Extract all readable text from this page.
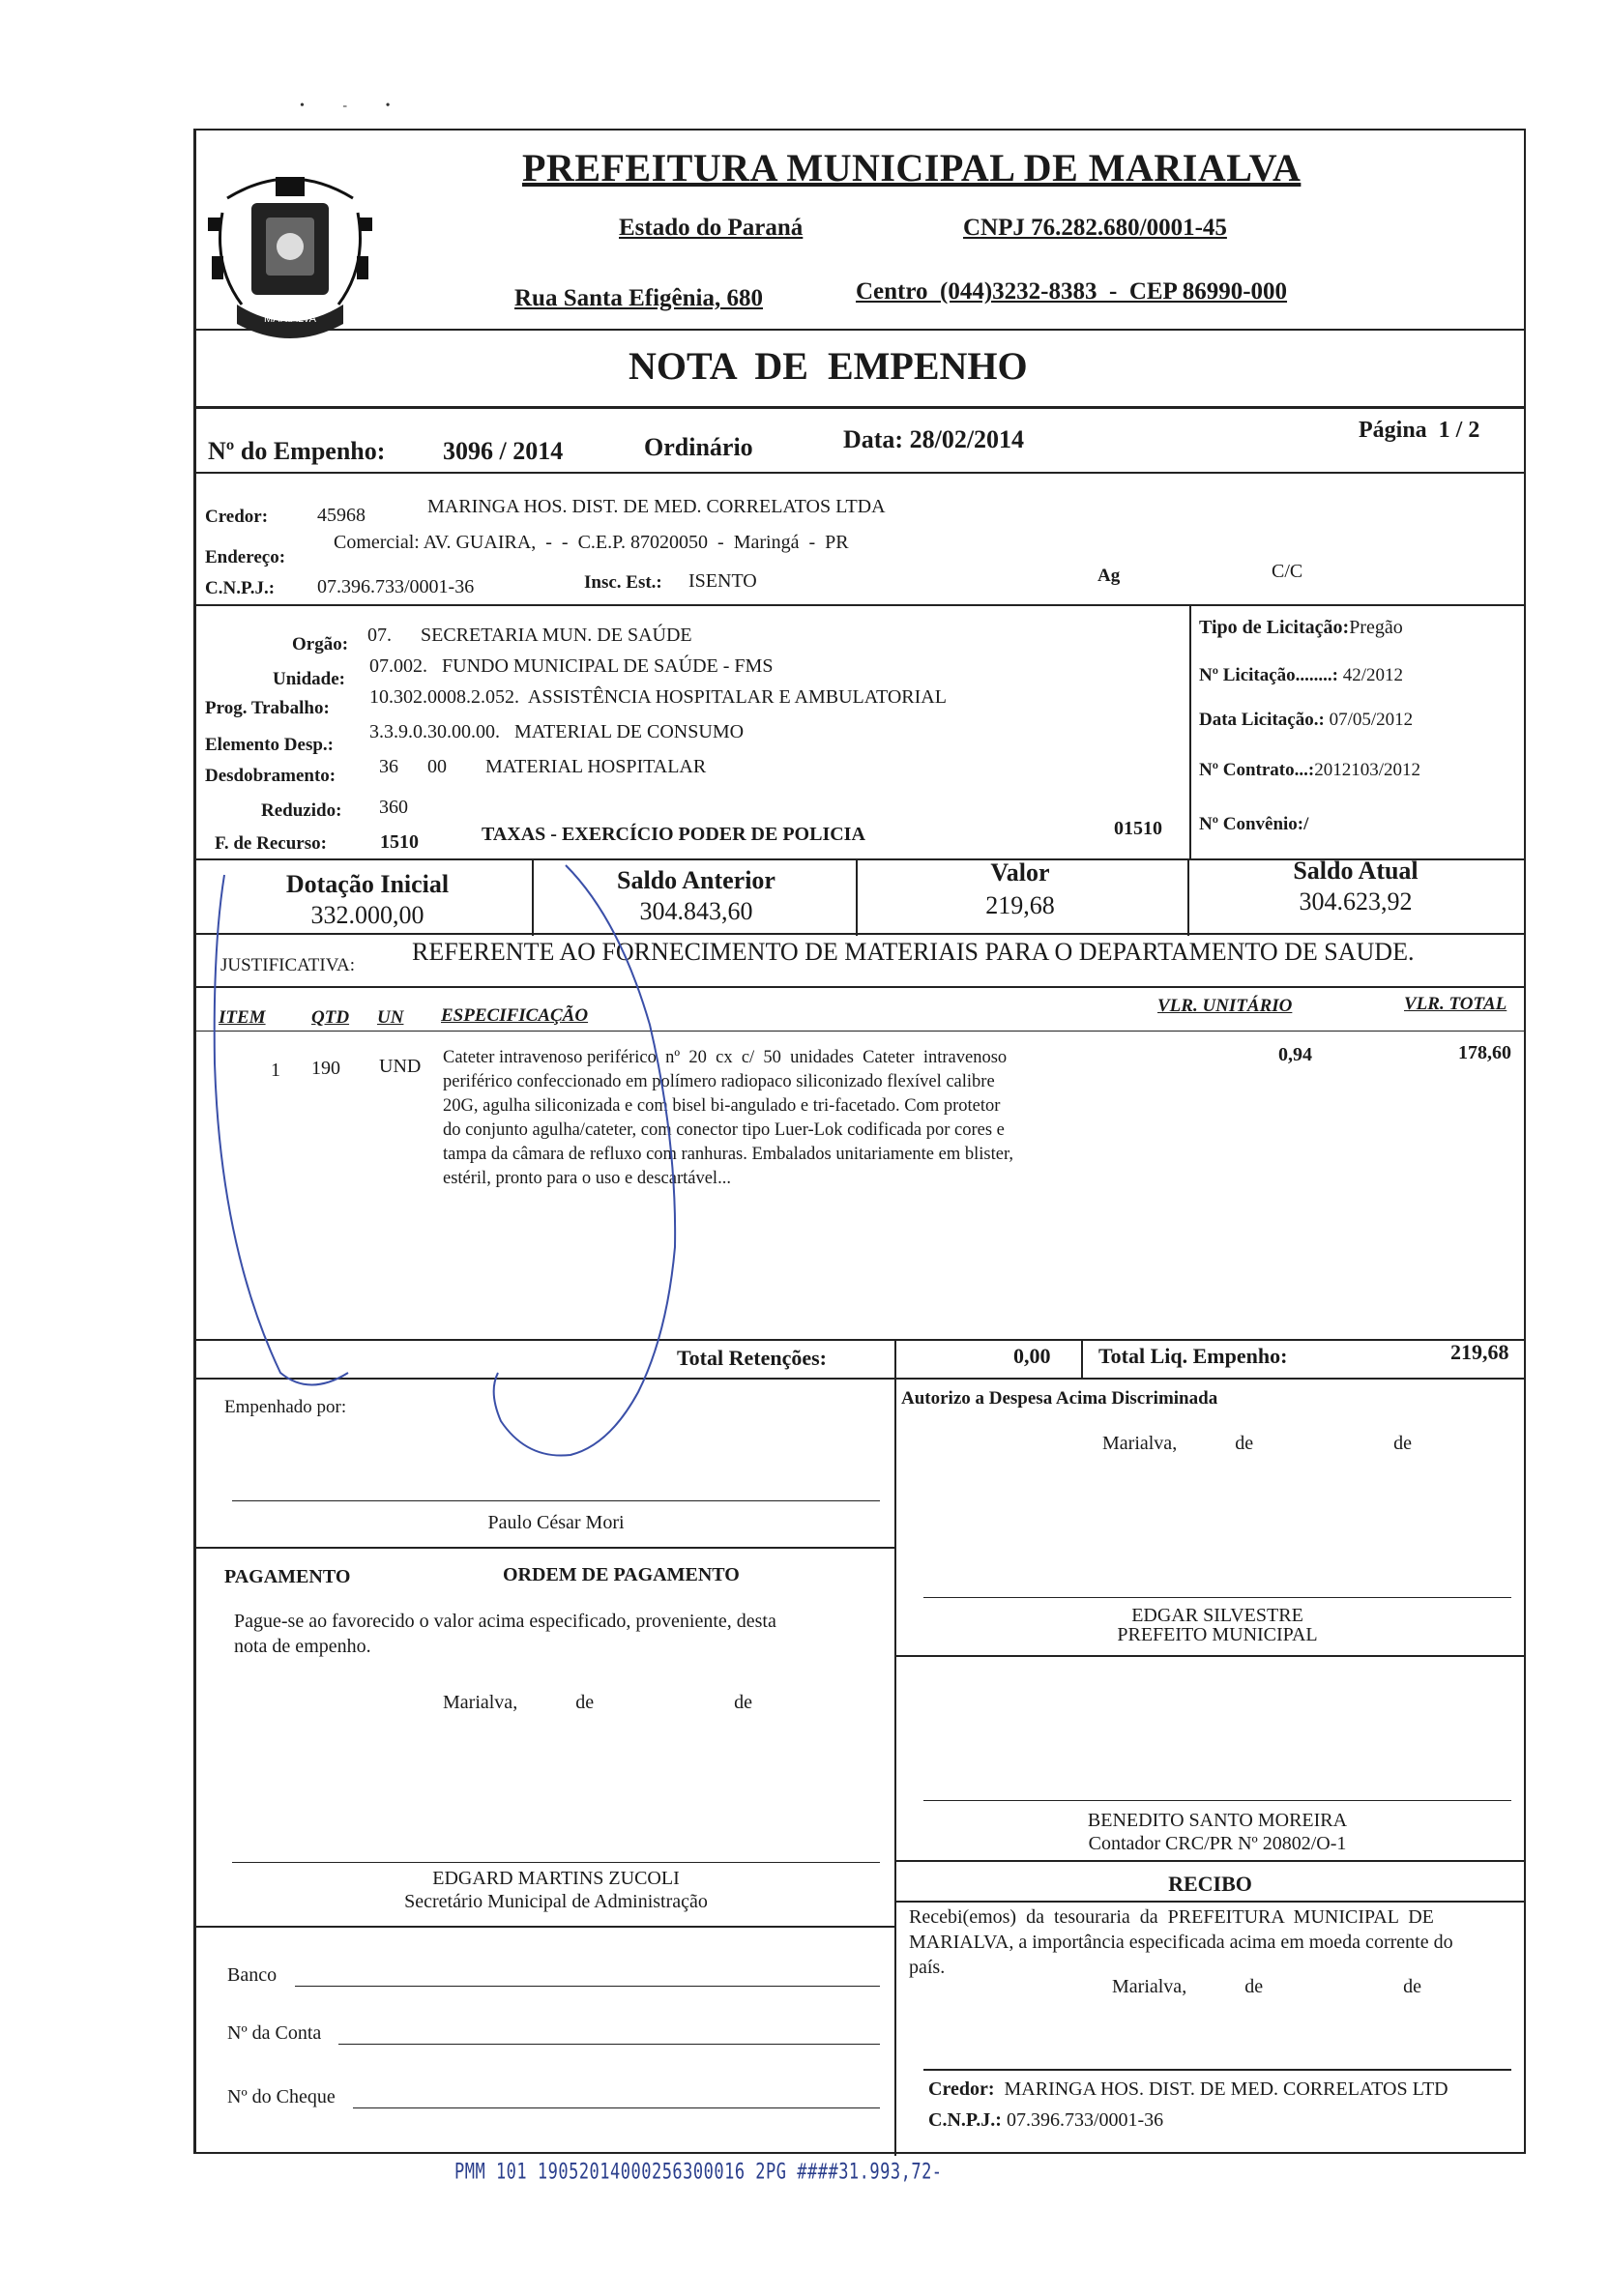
• - •
MARIALVA
PREFEITURA MUNICIPAL DE MARIALVA
Estado do Paraná	CNPJ 76.282.680/0001-45
Rua Santa Efigênia, 680	Centro  (044)3232-8383  -  CEP 86990-000
NOTA  DE  EMPENHO
Nº do Empenho: 3096 / 2014	Ordinário	Data: 28/02/2014	Página  1 / 2
Credor:	45968	MARINGA HOS. DIST. DE MED. CORRELATOS LTDA
Endereço:
Comercial: AV. GUAIRA,  -  -  C.E.P. 87020050  -  Maringá  -  PR
C.N.P.J.: 07.396.733/0001-36	Insc. Est.: ISENTO	Ag	C/C
Orgão: 07.      SECRETARIA MUN. DE SAÚDE
Unidade:
07.002.   FUNDO MUNICIPAL DE SAÚDE - FMS
Prog. Trabalho:
10.302.0008.2.052.  ASSISTÊNCIA HOSPITALAR E AMBULATORIAL
Elemento Desp.:
3.3.9.0.30.00.00.   MATERIAL DE CONSUMO
Desdobramento: 36      00        MATERIAL HOSPITALAR
Reduzido: 360
F. de Recurso:	1510	TAXAS - EXERCÍCIO PODER DE POLICIA	01510
Tipo de Licitação:Pregão
Nº Licitação........: 42/2012
Data Licitação.: 07/05/2012
Nº Contrato...:2012103/2012
Nº Convênio:/
Dotação Inicial
332.000,00
Saldo Anterior
304.843,60
Valor
219,68
Saldo Atual
304.623,92
JUSTIFICATIVA: REFERENTE AO FORNECIMENTO DE MATERIAIS PARA O DEPARTAMENTO DE SAUDE.
ITEM QTD UN ESPECIFICAÇÃO	VLR. UNITÁRIO	VLR. TOTAL
1 190 UND Cateter intravenoso periférico  nº  20  cx  c/  50  unidades  Cateter  intravenoso
periférico confeccionado em polímero radiopaco siliconizado flexível calibre
20G, agulha siliconizada e com bisel bi-angulado e tri-facetado. Com protetor
do conjunto agulha/cateter, com conector tipo Luer-Lok codificada por cores e
tampa da câmara de refluxo com ranhuras. Embalados unitariamente em blister,
estéril, pronto para o uso e descartável...
0,94	178,60
Total Retenções:	0,00 Total Liq. Empenho:	219,68
Empenhado por:	Autorizo a Despesa Acima Discriminada
Marialva,            de                             de
Paulo César Mori
PAGAMENTO	ORDEM DE PAGAMENTO
Pague-se ao favorecido o valor acima especificado, proveniente, desta
nota de empenho.
Marialva,            de                             de
EDGAR SILVESTRE
PREFEITO MUNICIPAL
BENEDITO SANTO MOREIRA
Contador CRC/PR Nº 20802/O-1
EDGARD MARTINS ZUCOLI
Secretário Municipal de Administração
RECIBO
Recebi(emos)  da  tesouraria  da  PREFEITURA  MUNICIPAL  DE
MARIALVA, a importância especificada acima em moeda corrente do
país.
Marialva,            de                             de
Credor: MARINGA HOS. DIST. DE MED. CORRELATOS LTD
C.N.P.J.: 07.396.733/0001-36
Banco
Nº da Conta
Nº do Cheque
PMM 101 19052014000256300016 2PG ####31.993,72-
